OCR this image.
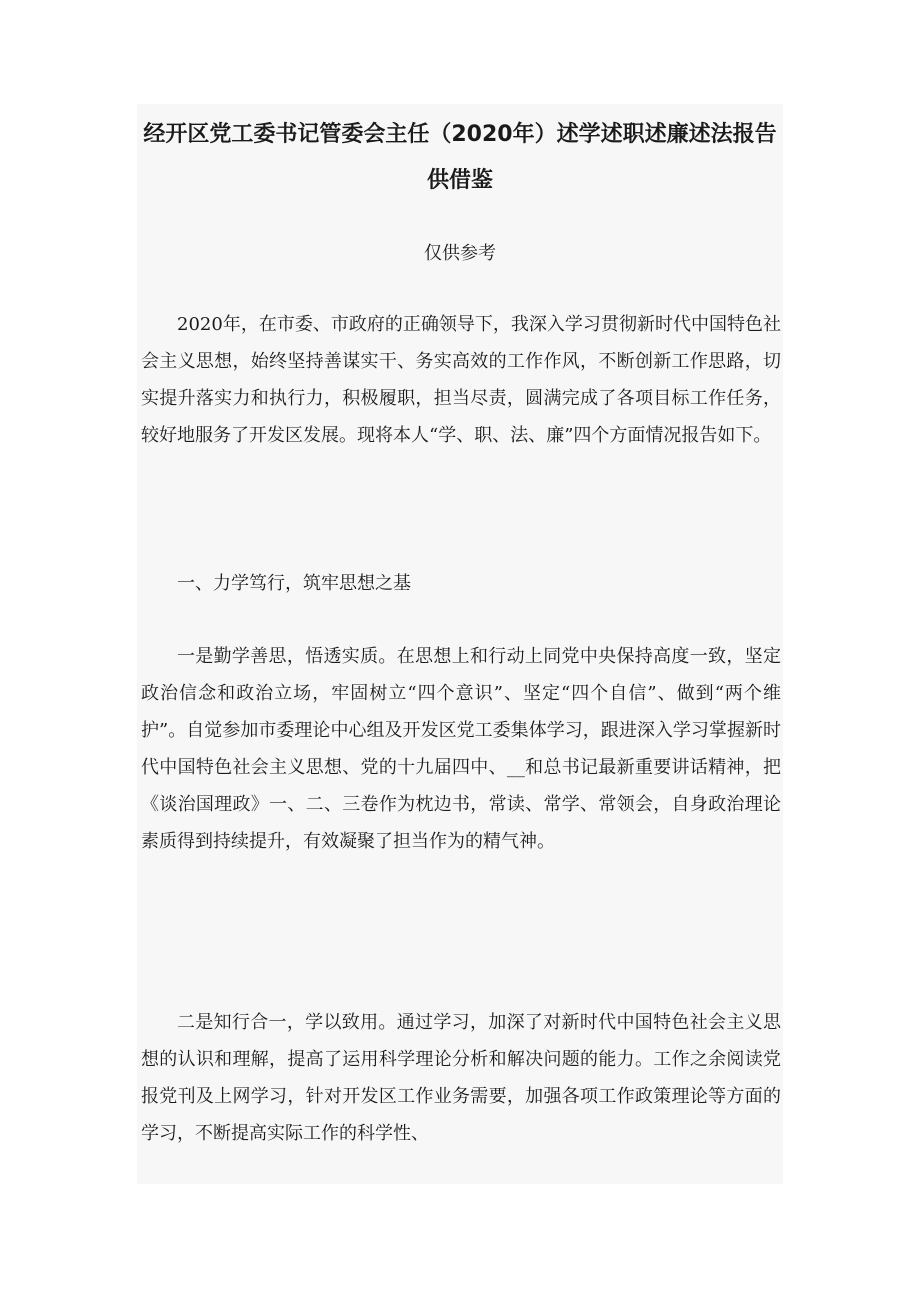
经开区党工委书记管委会主任（2020年）述学述职述廉述法报告供借鉴

仅供参考

2020年，在市委、市政府的正确领导下，我深入学习贯彻新时代中国特色社会主义思想，始终坚持善谋实干、务实高效的工作作风，不断创新工作思路，切实提升落实力和执行力，积极履职，担当尽责，圆满完成了各项目标工作任务，较好地服务了开发区发展。现将本人“学、职、法、廉”四个方面情况报告如下。

一、力学笃行，筑牢思想之基

一是勤学善思，悟透实质。在思想上和行动上同党中央保持高度一致，坚定政治信念和政治立场，牢固树立“四个意识”、坚定“四个自信”、做到“两个维护”。自觉参加市委理论中心组及开发区党工委集体学习，跟进深入学习掌握新时代中国特色社会主义思想、党的十九届四中、__和总书记最新重要讲话精神，把《谈治国理政》一、二、三卷作为枕边书，常读、常学、常领会，自身政治理论素质得到持续提升，有效凝聚了担当作为的精气神。

二是知行合一，学以致用。通过学习，加深了对新时代中国特色社会主义思想的认识和理解，提高了运用科学理论分析和解决问题的能力。工作之余阅读党报党刊及上网学习，针对开发区工作业务需要，加强各项工作政策理论等方面的学习，不断提高实际工作的科学性、
